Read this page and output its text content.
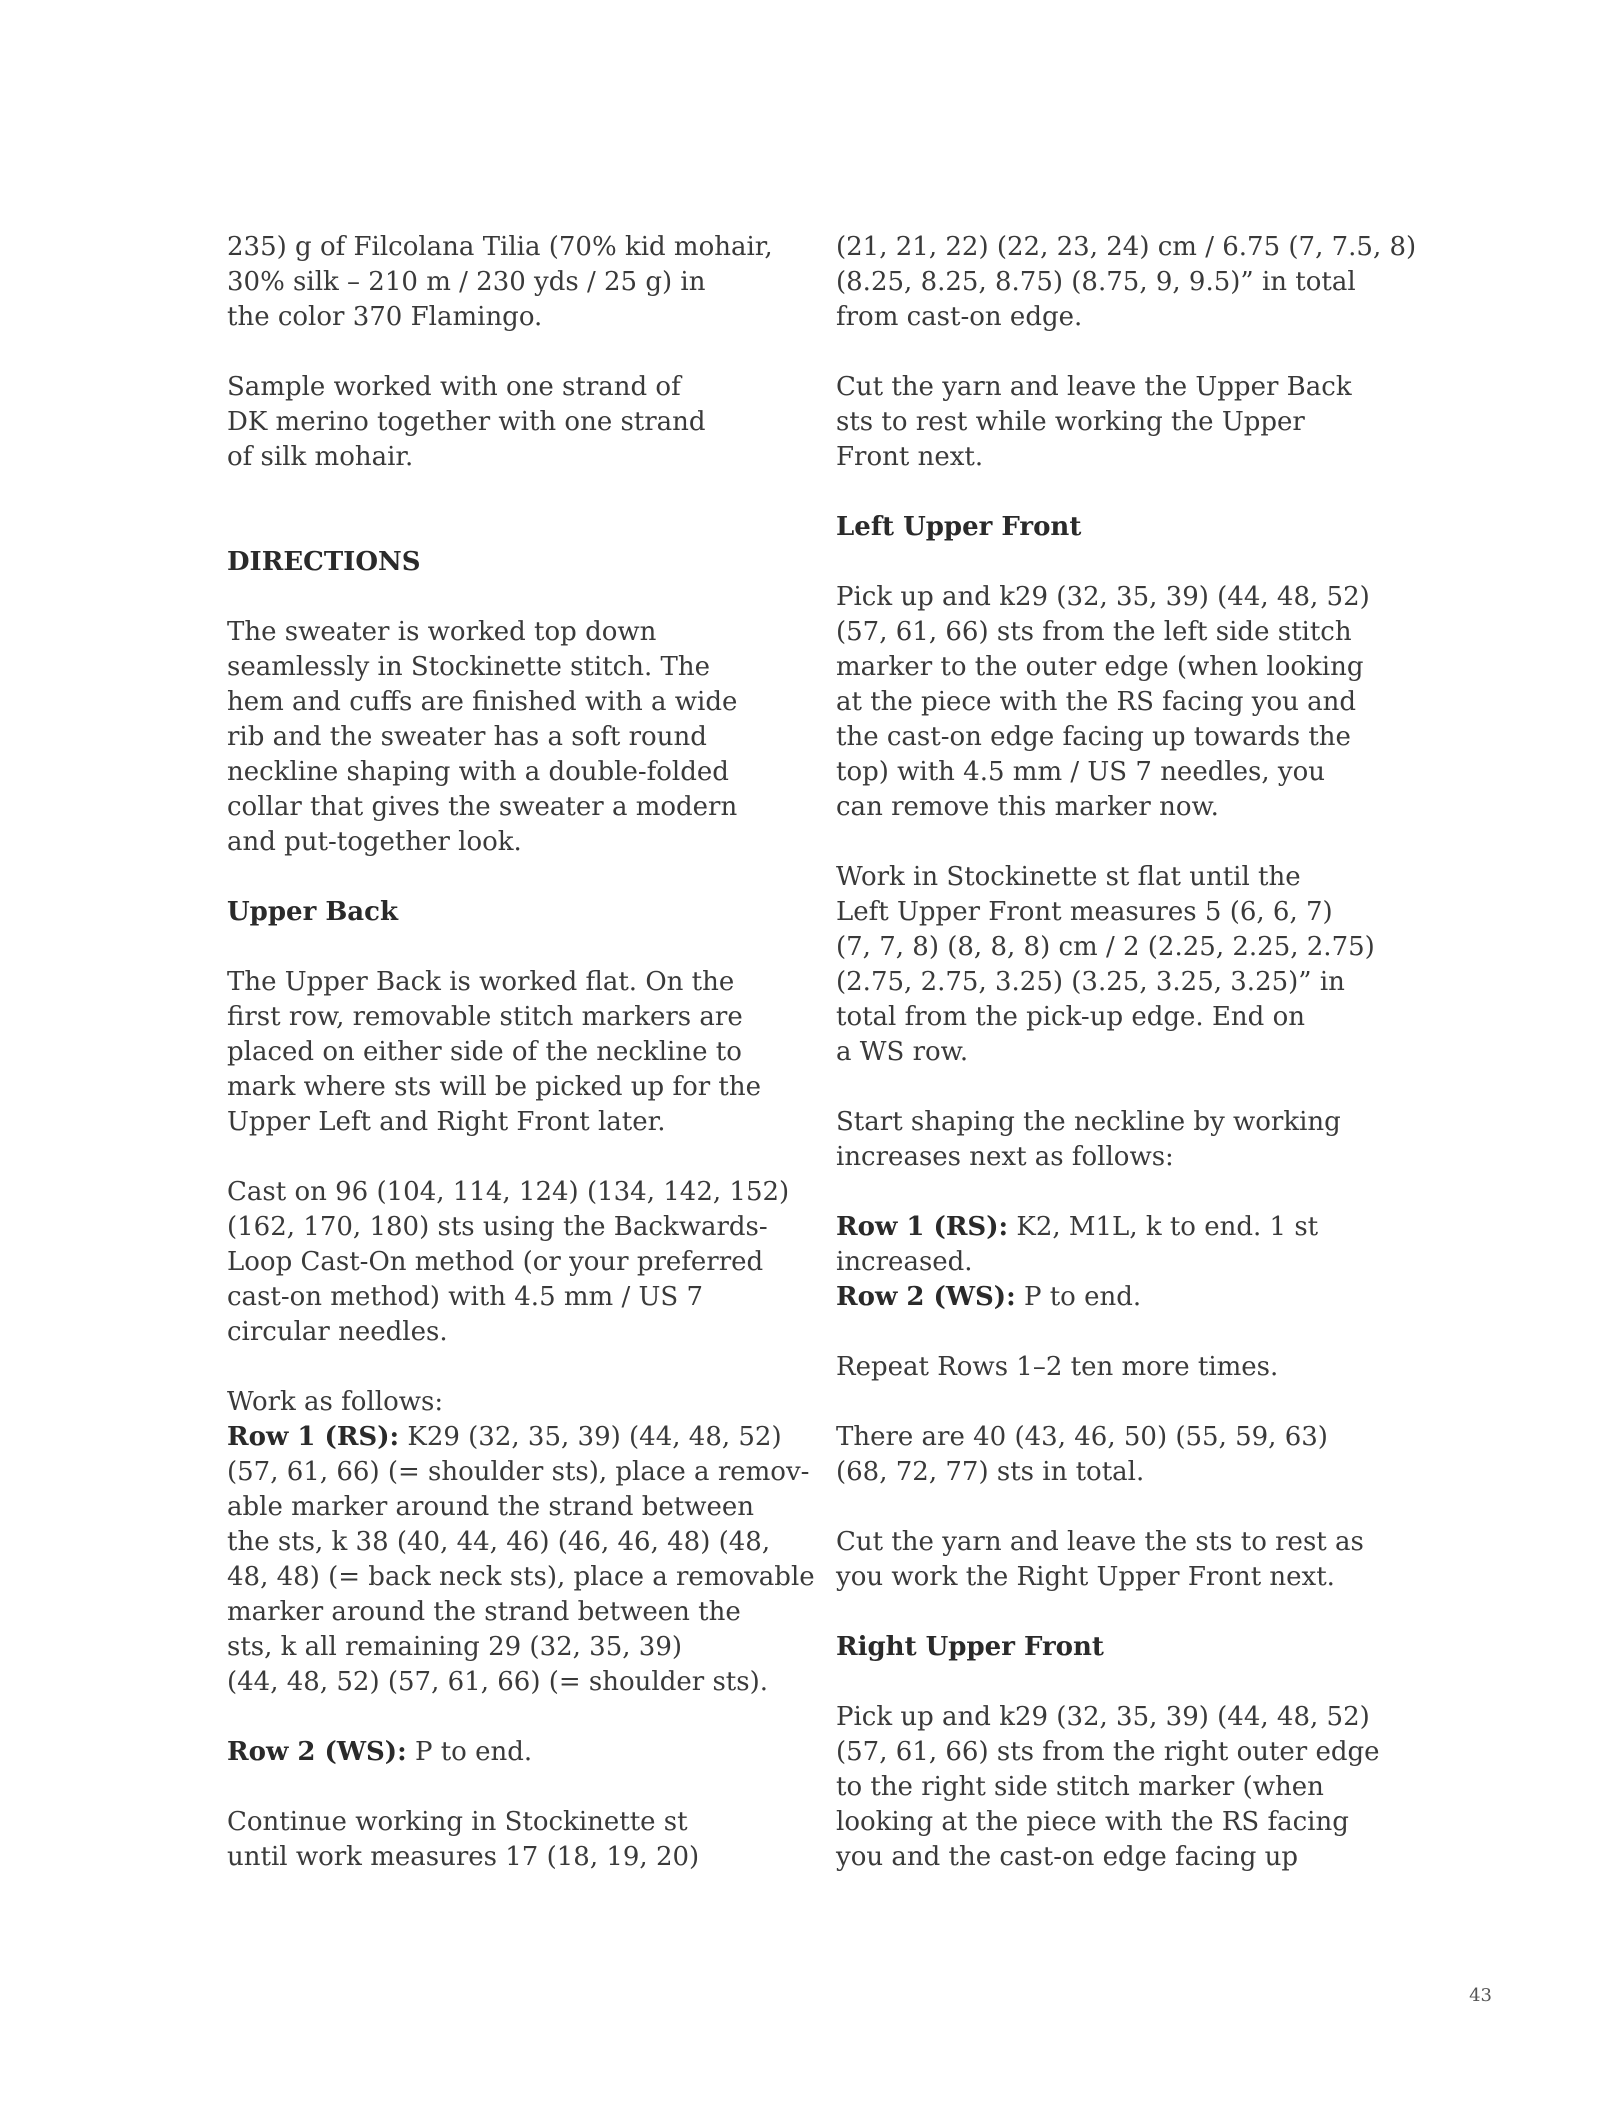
235) g of Filcolana Tilia (70% kid mohair,
30% silk – 210 m / 230 yds / 25 g) in
the color 370 Flamingo.
Sample worked with one strand of
DK merino together with one strand
of silk mohair.
DIRECTIONS
The sweater is worked top down
seamlessly in Stockinette stitch. The
hem and cuffs are finished with a wide
rib and the sweater has a soft round
neckline shaping with a double-folded
collar that gives the sweater a modern
and put-together look.
Upper Back
The Upper Back is worked flat. On the
first row, removable stitch markers are
placed on either side of the neckline to
mark where sts will be picked up for the
Upper Left and Right Front later.
Cast on 96 (104, 114, 124) (134, 142, 152)
(162, 170, 180) sts using the Backwards-
Loop Cast-On method (or your preferred
cast-on method) with 4.5 mm / US 7
circular needles.
Work as follows:
Row 1 (RS): K29 (32, 35, 39) (44, 48, 52)
(57, 61, 66) (= shoulder sts), place a remov-
able marker around the strand between
the sts, k 38 (40, 44, 46) (46, 46, 48) (48,
48, 48) (= back neck sts), place a removable
marker around the strand between the
sts, k all remaining 29 (32, 35, 39)
(44, 48, 52) (57, 61, 66) (= shoulder sts).
Row 2 (WS): P to end.
Continue working in Stockinette st
until work measures 17 (18, 19, 20)
(21, 21, 22) (22, 23, 24) cm / 6.75 (7, 7.5, 8)
(8.25, 8.25, 8.75) (8.75, 9, 9.5)” in total
from cast-on edge.
Cut the yarn and leave the Upper Back
sts to rest while working the Upper
Front next.
Left Upper Front
Pick up and k29 (32, 35, 39) (44, 48, 52)
(57, 61, 66) sts from the left side stitch
marker to the outer edge (when looking
at the piece with the RS facing you and
the cast-on edge facing up towards the
top) with 4.5 mm / US 7 needles, you
can remove this marker now.
Work in Stockinette st flat until the
Left Upper Front measures 5 (6, 6, 7)
(7, 7, 8) (8, 8, 8) cm / 2 (2.25, 2.25, 2.75)
(2.75, 2.75, 3.25) (3.25, 3.25, 3.25)” in
total from the pick-up edge. End on
a WS row.
Start shaping the neckline by working
increases next as follows:
Row 1 (RS): K2, M1L, k to end. 1 st
increased.
Row 2 (WS): P to end.
Repeat Rows 1–2 ten more times.
There are 40 (43, 46, 50) (55, 59, 63)
(68, 72, 77) sts in total.
Cut the yarn and leave the sts to rest as
you work the Right Upper Front next.
Right Upper Front
Pick up and k29 (32, 35, 39) (44, 48, 52)
(57, 61, 66) sts from the right outer edge
to the right side stitch marker (when
looking at the piece with the RS facing
you and the cast-on edge facing up
43
